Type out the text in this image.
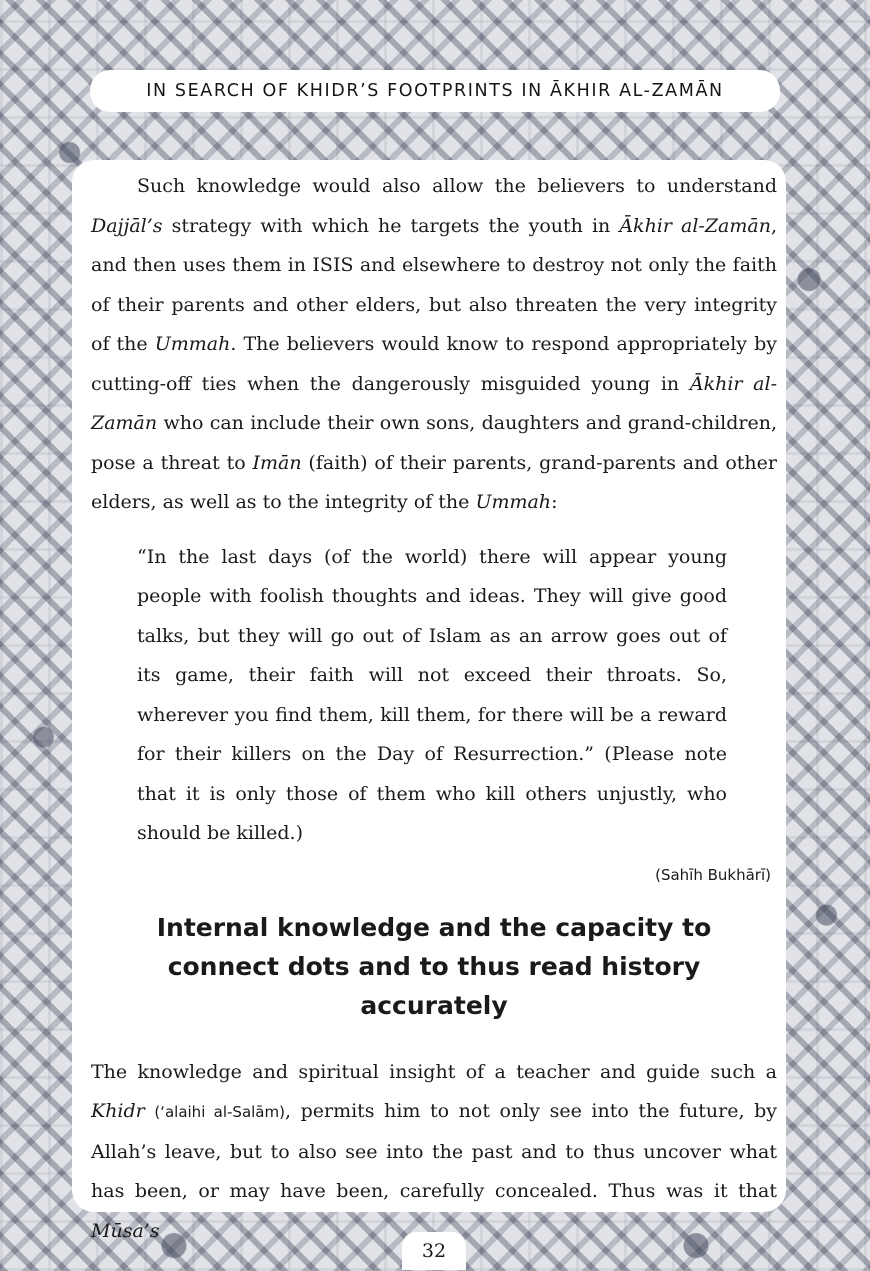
IN SEARCH OF KHIDR’S FOOTPRINTS IN ĀKHIR AL-ZAMĀN

Such knowledge would also allow the believers to understand Dajjāl’s strategy with which he targets the youth in Ākhir al-Zamān, and then uses them in ISIS and elsewhere to destroy not only the faith of their parents and other elders, but also threaten the very integrity of the Ummah. The believers would know to respond appropriately by cutting-off ties when the dangerously misguided young in Ākhir al-Zamān who can include their own sons, daughters and grand-children, pose a threat to Imān (faith) of their parents, grand-parents and other elders, as well as to the integrity of the Ummah:

“In the last days (of the world) there will appear young people with foolish thoughts and ideas. They will give good talks, but they will go out of Islam as an arrow goes out of its game, their faith will not exceed their throats. So, wherever you find them, kill them, for there will be a reward for their killers on the Day of Resurrection.” (Please note that it is only those of them who kill others unjustly, who should be killed.)

(Sahīh Bukhārī)

Internal knowledge and the capacity to
connect dots and to thus read history accurately

The knowledge and spiritual insight of a teacher and guide such a Khidr (‘alaihi al-Salām), permits him to not only see into the future, by Allah’s leave, but to also see into the past and to thus uncover what has been, or may have been, carefully concealed. Thus was it that Mūsa’s

32
